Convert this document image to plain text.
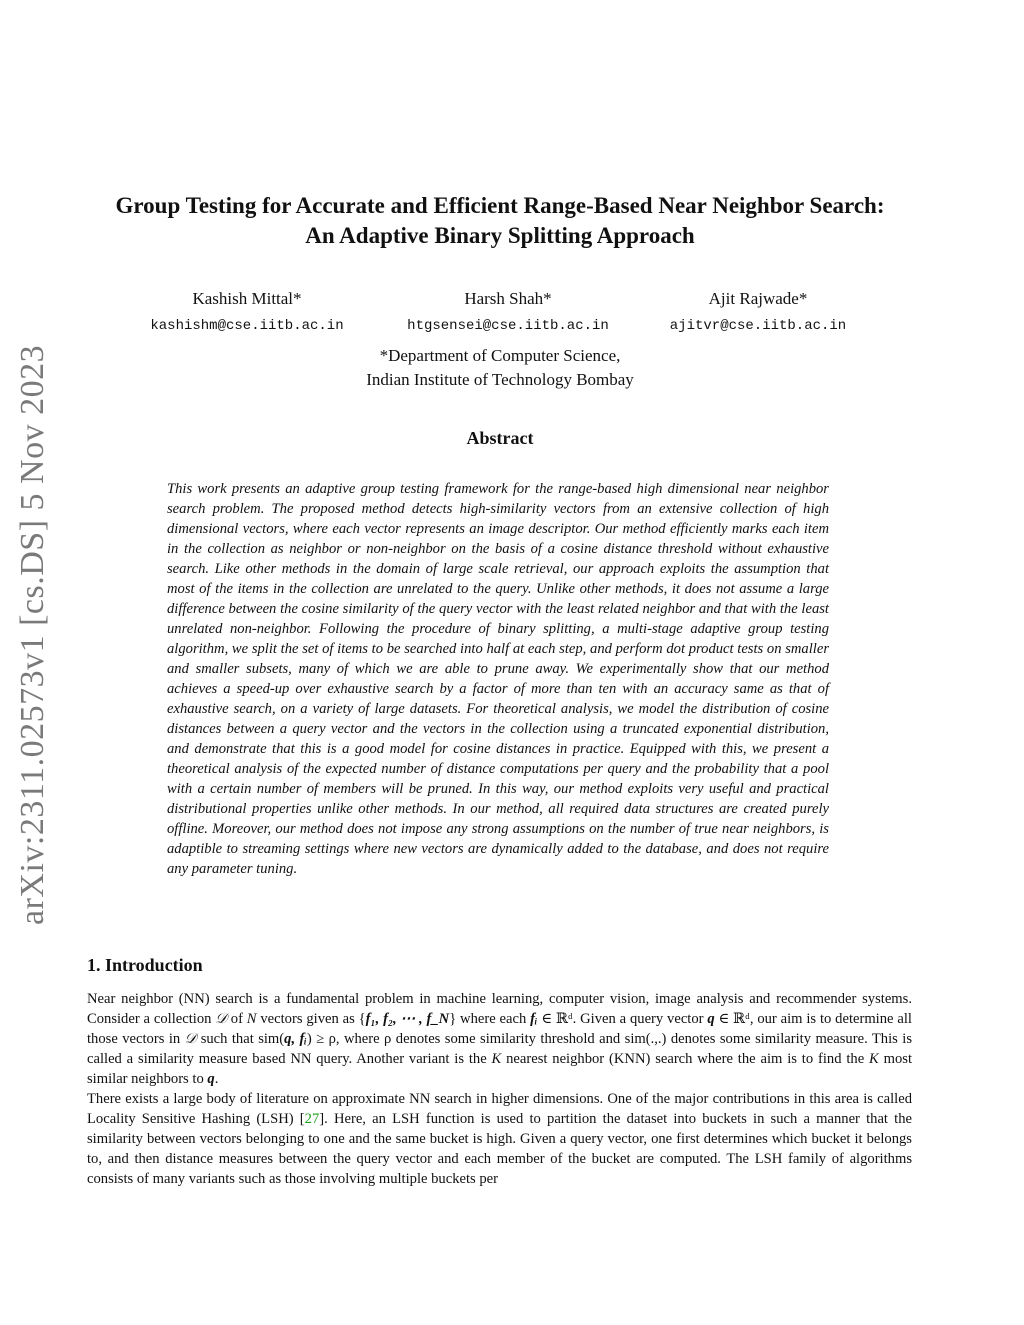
arXiv:2311.02573v1 [cs.DS] 5 Nov 2023
Group Testing for Accurate and Efficient Range-Based Near Neighbor Search:
An Adaptive Binary Splitting Approach
Kashish Mittal*
kashishm@cse.iitb.ac.in
Harsh Shah*
htgsensei@cse.iitb.ac.in
Ajit Rajwade*
ajitvr@cse.iitb.ac.in
*Department of Computer Science,
Indian Institute of Technology Bombay
Abstract

This work presents an adaptive group testing framework for the range-based high dimensional near neighbor search problem. The proposed method detects high-similarity vectors from an extensive collection of high dimensional vectors, where each vector represents an image descriptor. Our method efficiently marks each item in the collection as neighbor or non-neighbor on the basis of a cosine distance threshold without exhaustive search. Like other methods in the domain of large scale retrieval, our approach exploits the assumption that most of the items in the collection are unrelated to the query. Unlike other methods, it does not assume a large difference between the cosine similarity of the query vector with the least related neighbor and that with the least unrelated non-neighbor. Following the procedure of binary splitting, a multi-stage adaptive group testing algorithm, we split the set of items to be searched into half at each step, and perform dot product tests on smaller and smaller subsets, many of which we are able to prune away. We experimentally show that our method achieves a speed-up over exhaustive search by a factor of more than ten with an accuracy same as that of exhaustive search, on a variety of large datasets. For theoretical analysis, we model the distribution of cosine distances between a query vector and the vectors in the collection using a truncated exponential distribution, and demonstrate that this is a good model for cosine distances in practice. Equipped with this, we present a theoretical analysis of the expected number of distance computations per query and the probability that a pool with a certain number of members will be pruned. In this way, our method exploits very useful and practical distributional properties unlike other methods. In our method, all required data structures are created purely offline. Moreover, our method does not impose any strong assumptions on the number of true near neighbors, is adaptible to streaming settings where new vectors are dynamically added to the database, and does not require any parameter tuning.

1. Introduction

Near neighbor (NN) search is a fundamental problem in machine learning, computer vision, image analysis and recommender systems. Consider a collection 𝒟 of N vectors given as {f₁, f₂, ⋯ , f_N} where each fᵢ ∈ ℝᵈ. Given a query vector q ∈ ℝᵈ, our aim is to determine all those vectors in 𝒟 such that sim(q, fᵢ) ≥ ρ, where ρ denotes some similarity threshold and sim(.,.) denotes some similarity measure. This is called a similarity measure based NN query. Another variant is the K nearest neighbor (KNN) search where the aim is to find the K most similar neighbors to q.

There exists a large body of literature on approximate NN search in higher dimensions. One of the major contributions in this area is called Locality Sensitive Hashing (LSH) [27]. Here, an LSH function is used to partition the dataset into buckets in such a manner that the similarity between vectors belonging to one and the same bucket is high. Given a query vector, one first determines which bucket it belongs to, and then distance measures between the query vector and each member of the bucket are computed. The LSH family of algorithms consists of many variants such as those involving multiple buckets per
